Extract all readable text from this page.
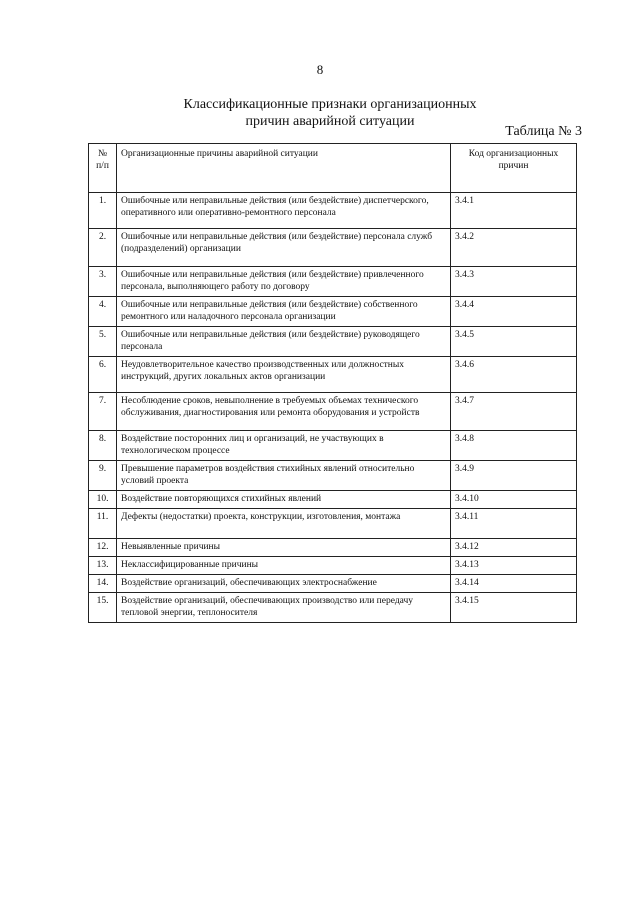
8
Классификационные признаки организационных
причин аварийной ситуации
Таблица № 3
№ п/п	Организационные причины аварийной ситуации	Код организационных причин
1.	Ошибочные или неправильные действия (или бездействие) диспетчерского, оперативного или оперативно-ремонтного персонала	3.4.1
2.	Ошибочные или неправильные действия (или бездействие) персонала служб (подразделений) организации	3.4.2
3.	Ошибочные или неправильные действия (или бездействие) привлеченного персонала, выполняющего работу по договору	3.4.3
4.	Ошибочные или неправильные действия (или бездействие) собственного ремонтного или наладочного персонала организации	3.4.4
5.	Ошибочные или неправильные действия (или бездействие) руководящего персонала	3.4.5
6.	Неудовлетворительное качество производственных или должностных инструкций, других локальных актов организации	3.4.6
7.	Несоблюдение сроков, невыполнение в требуемых объемах технического обслуживания, диагностирования или ремонта оборудования и устройств	3.4.7
8.	Воздействие посторонних лиц и организаций, не участвующих в технологическом процессе	3.4.8
9.	Превышение параметров воздействия стихийных явлений относительно условий проекта	3.4.9
10.	Воздействие повторяющихся стихийных явлений	3.4.10
11.	Дефекты (недостатки) проекта, конструкции, изготовления, монтажа	3.4.11
12.	Невыявленные причины	3.4.12
13.	Неклассифицированные причины	3.4.13
14.	Воздействие организаций, обеспечивающих электроснабжение	3.4.14
15.	Воздействие организаций, обеспечивающих производство или передачу тепловой энергии, теплоносителя	3.4.15
